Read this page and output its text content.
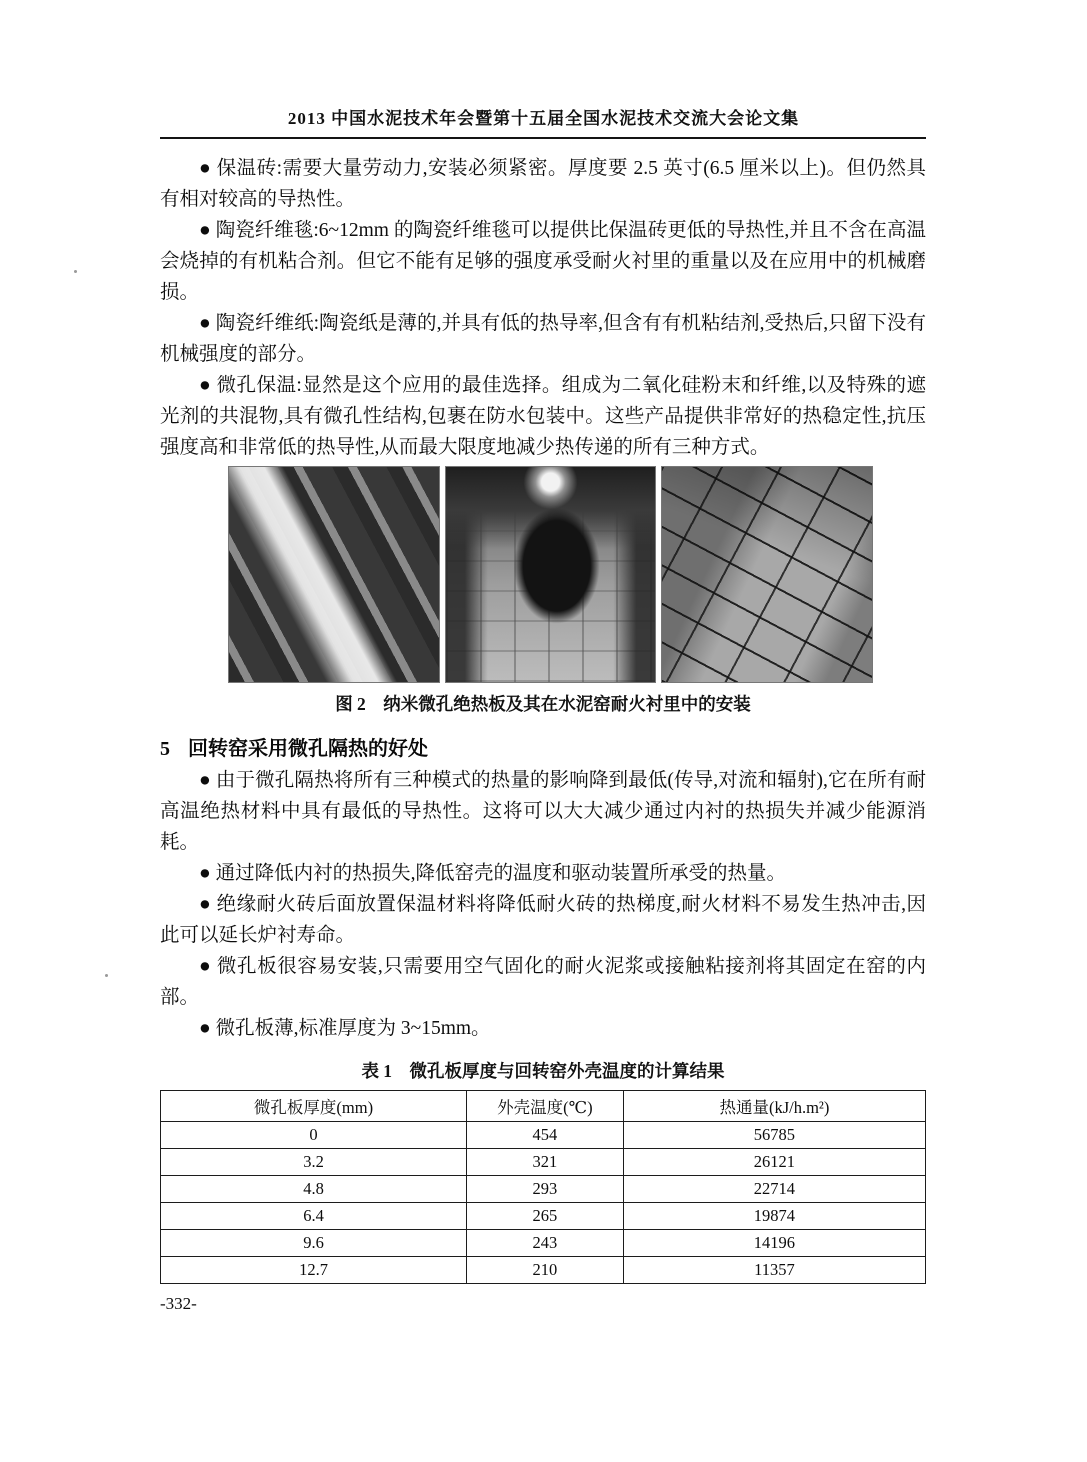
2013 中国水泥技术年会暨第十五届全国水泥技术交流大会论文集

● 保温砖:需要大量劳动力,安装必须紧密。厚度要 2.5 英寸(6.5 厘米以上)。但仍然具有相对较高的导热性。

● 陶瓷纤维毯:6~12mm 的陶瓷纤维毯可以提供比保温砖更低的导热性,并且不含在高温会烧掉的有机粘合剂。但它不能有足够的强度承受耐火衬里的重量以及在应用中的机械磨损。

● 陶瓷纤维纸:陶瓷纸是薄的,并具有低的热导率,但含有有机粘结剂,受热后,只留下没有机械强度的部分。

● 微孔保温:显然是这个应用的最佳选择。组成为二氧化硅粉末和纤维,以及特殊的遮光剂的共混物,具有微孔性结构,包裹在防水包装中。这些产品提供非常好的热稳定性,抗压强度高和非常低的热导性,从而最大限度地减少热传递的所有三种方式。

图 2　纳米微孔绝热板及其在水泥窑耐火衬里中的安装
5 回转窑采用微孔隔热的好处

● 由于微孔隔热将所有三种模式的热量的影响降到最低(传导,对流和辐射),它在所有耐高温绝热材料中具有最低的导热性。这将可以大大减少通过内衬的热损失并减少能源消耗。

● 通过降低内衬的热损失,降低窑壳的温度和驱动装置所承受的热量。

● 绝缘耐火砖后面放置保温材料将降低耐火砖的热梯度,耐火材料不易发生热冲击,因此可以延长炉衬寿命。

● 微孔板很容易安装,只需要用空气固化的耐火泥浆或接触粘接剂将其固定在窑的内部。

● 微孔板薄,标准厚度为 3~15mm。

表 1　微孔板厚度与回转窑外壳温度的计算结果
微孔板厚度(mm)	外壳温度(℃)	热通量(kJ/h.m²)
0	454	56785
3.2	321	26121
4.8	293	22714
6.4	265	19874
9.6	243	14196
12.7	210	11357
-332-
